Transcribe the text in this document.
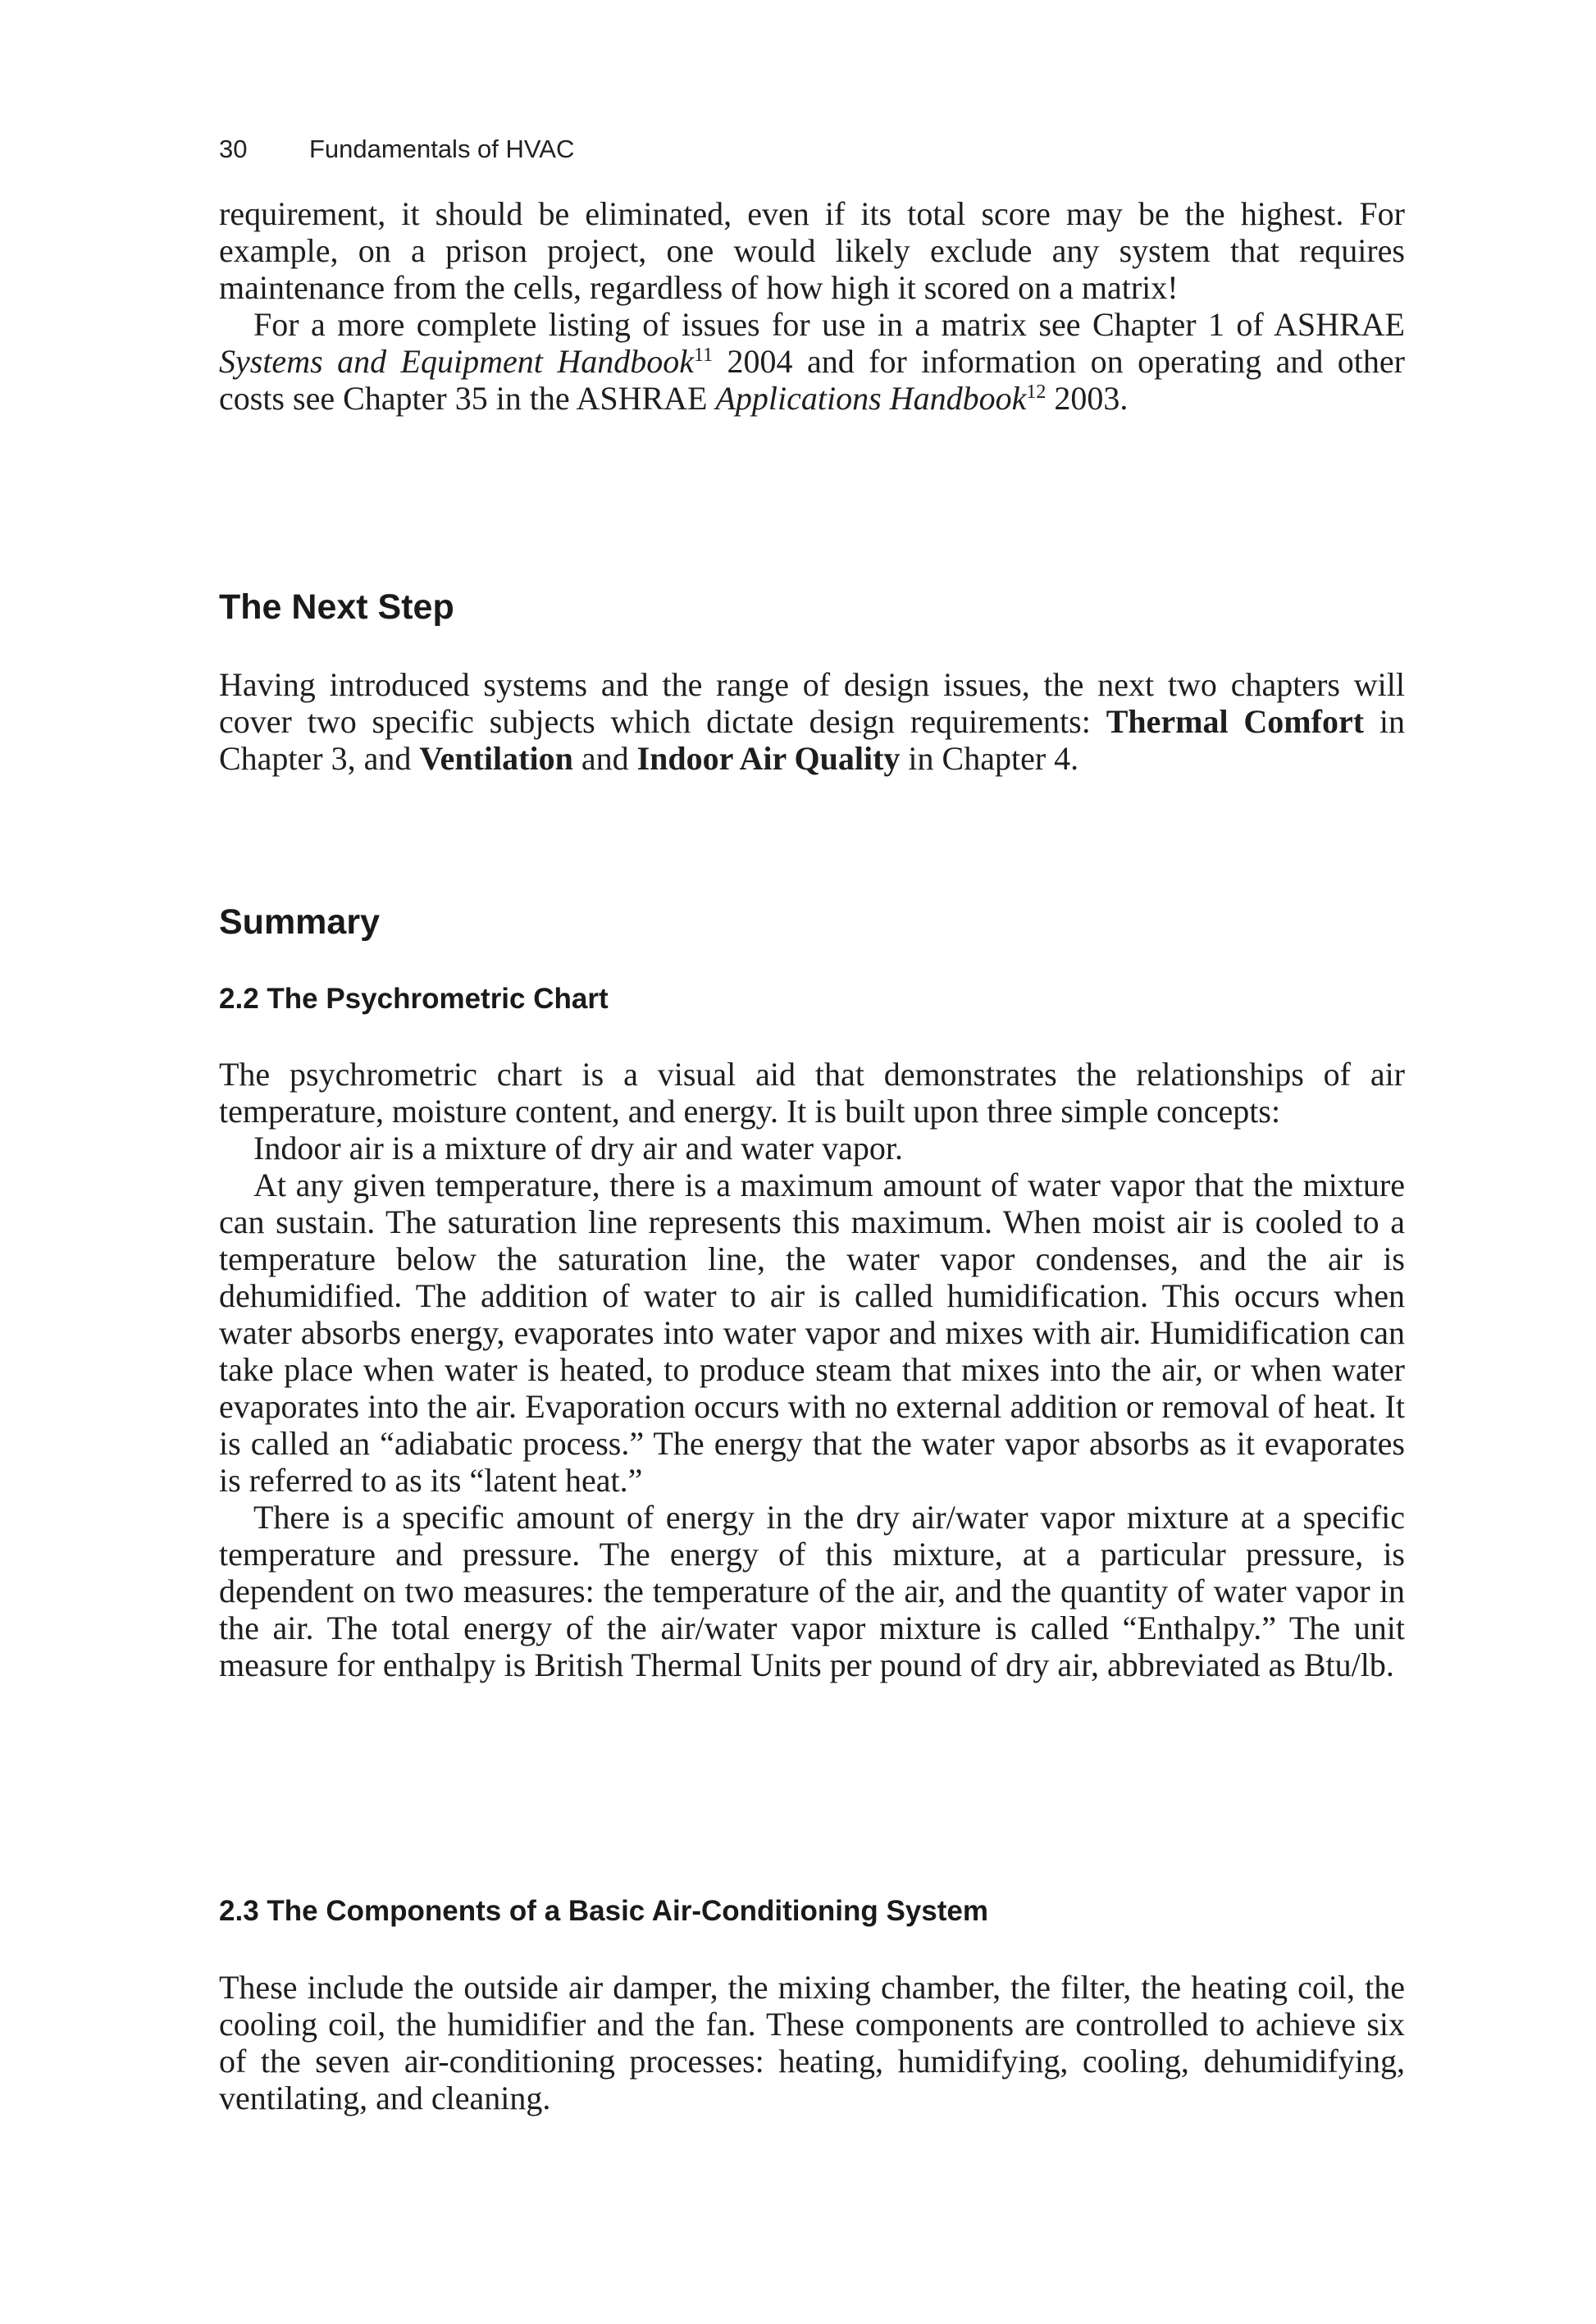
30 Fundamentals of HVAC

requirement, it should be eliminated, even if its total score may be the highest. For example, on a prison project, one would likely exclude any system that requires maintenance from the cells, regardless of how high it scored on a matrix!

For a more complete listing of issues for use in a matrix see Chapter 1 of ASHRAE Systems and Equipment Handbook$^{11}$ 2004 and for information on operating and other costs see Chapter 35 in the ASHRAE Applications Handbook$^{12}$ 2003.

The Next Step

Having introduced systems and the range of design issues, the next two chapters will cover two specific subjects which dictate design requirements: Thermal Comfort in Chapter 3, and Ventilation and Indoor Air Quality in Chapter 4.

Summary
2.2 The Psychrometric Chart

The psychrometric chart is a visual aid that demonstrates the relationships of air temperature, moisture content, and energy. It is built upon three simple concepts:

Indoor air is a mixture of dry air and water vapor.

At any given temperature, there is a maximum amount of water vapor that the mixture can sustain. The saturation line represents this maximum. When moist air is cooled to a temperature below the saturation line, the water vapor condenses, and the air is dehumidified. The addition of water to air is called humidification. This occurs when water absorbs energy, evaporates into water vapor and mixes with air. Humidification can take place when water is heated, to produce steam that mixes into the air, or when water evaporates into the air. Evaporation occurs with no external addition or removal of heat. It is called an “adiabatic process.” The energy that the water vapor absorbs as it evaporates is referred to as its “latent heat.”

There is a specific amount of energy in the dry air/water vapor mixture at a specific temperature and pressure. The energy of this mixture, at a particular pressure, is dependent on two measures: the temperature of the air, and the quantity of water vapor in the air. The total energy of the air/water vapor mixture is called “Enthalpy.” The unit measure for enthalpy is British Thermal Units per pound of dry air, abbreviated as Btu/lb.

2.3 The Components of a Basic Air-Conditioning System

These include the outside air damper, the mixing chamber, the filter, the heating coil, the cooling coil, the humidifier and the fan. These components are controlled to achieve six of the seven air-conditioning processes: heating, humidifying, cooling, dehumidifying, ventilating, and cleaning.
